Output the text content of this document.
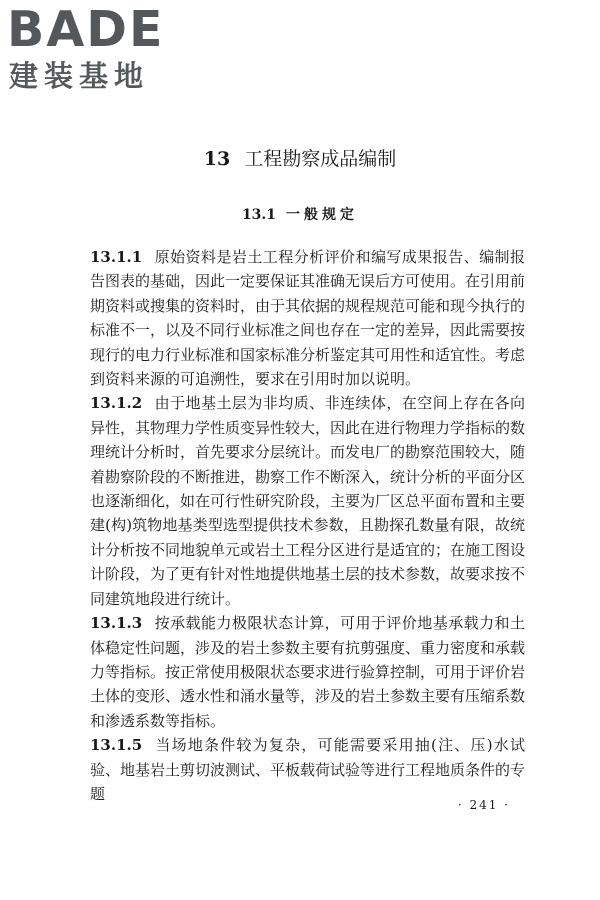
BADE
建装基地
13 工程勘察成品编制
13.1 一般规定

13.1.1 原始资料是岩土工程分析评价和编写成果报告、编制报告图表的基础，因此一定要保证其准确无误后方可使用。在引用前期资料或搜集的资料时，由于其依据的规程规范可能和现今执行的标准不一，以及不同行业标准之间也存在一定的差异，因此需要按现行的电力行业标准和国家标准分析鉴定其可用性和适宜性。考虑到资料来源的可追溯性，要求在引用时加以说明。

13.1.2 由于地基土层为非均质、非连续体，在空间上存在各向异性，其物理力学性质变异性较大，因此在进行物理力学指标的数理统计分析时，首先要求分层统计。而发电厂的勘察范围较大，随着勘察阶段的不断推进，勘察工作不断深入，统计分析的平面分区也逐渐细化，如在可行性研究阶段，主要为厂区总平面布置和主要建(构)筑物地基类型选型提供技术参数，且勘探孔数量有限，故统计分析按不同地貌单元或岩土工程分区进行是适宜的；在施工图设计阶段，为了更有针对性地提供地基土层的技术参数，故要求按不同建筑地段进行统计。

13.1.3 按承载能力极限状态计算，可用于评价地基承载力和土体稳定性问题，涉及的岩土参数主要有抗剪强度、重力密度和承载力等指标。按正常使用极限状态要求进行验算控制，可用于评价岩土体的变形、透水性和涌水量等，涉及的岩土参数主要有压缩系数和渗透系数等指标。

13.1.5 当场地条件较为复杂，可能需要采用抽(注、压)水试验、地基岩土剪切波测试、平板载荷试验等进行工程地质条件的专题

· 241 ·
